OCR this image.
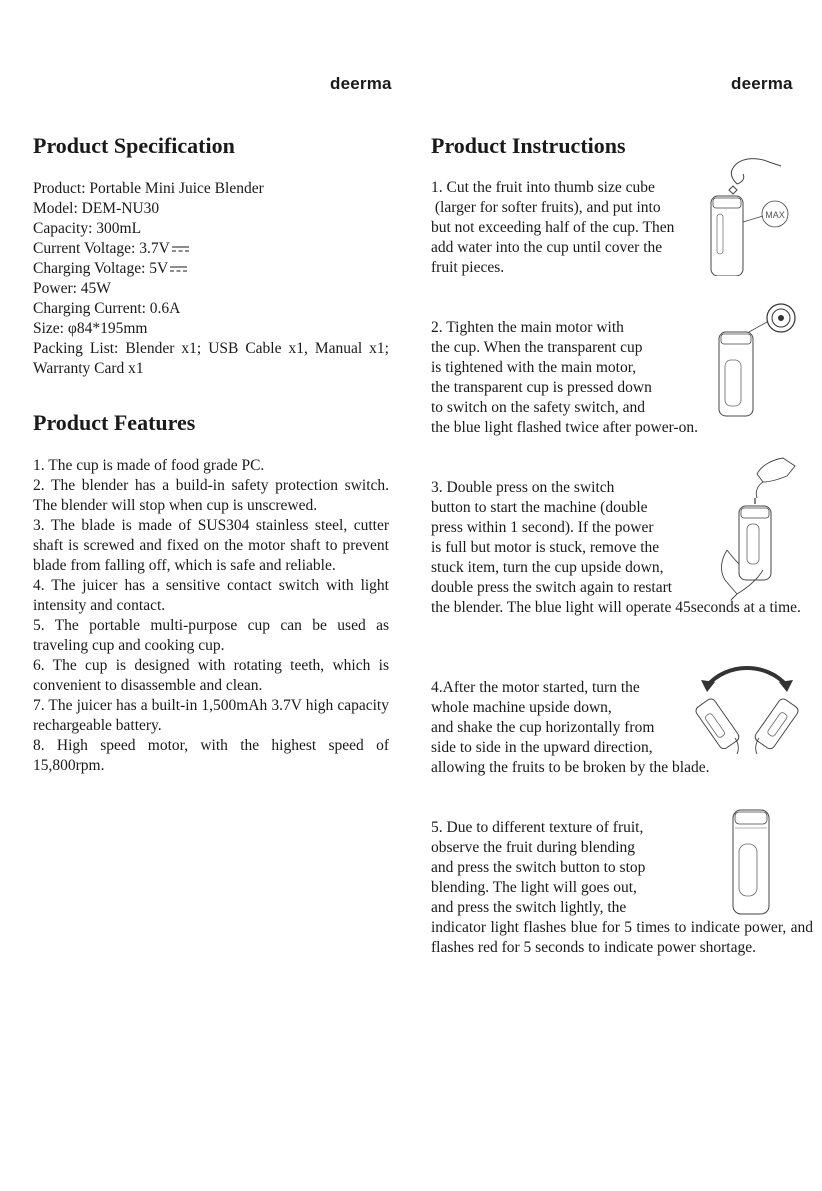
deerma	deerma
Product Specification
Product: Portable Mini Juice Blender
Model: DEM-NU30
Capacity: 300mL
Current Voltage: 3.7V
Charging Voltage: 5V
Power: 45W
Charging Current: 0.6A
Size: φ84*195mm
Packing List: Blender x1; USB Cable x1, Manual x1; Warranty Card x1
Product Features
1. The cup is made of food grade PC.
2. The blender has a build-in safety protection switch. The blender will stop when cup is unscrewed.
3. The blade is made of SUS304 stainless steel, cutter shaft is screwed and fixed on the motor shaft to prevent blade from falling off, which is safe and reliable.
4. The juicer has a sensitive contact switch with light intensity and contact.
5. The portable multi-purpose cup can be used as traveling cup and cooking cup.
6. The cup is designed with rotating teeth, which is convenient to disassemble and clean.
7. The juicer has a built-in 1,500mAh 3.7V high capacity rechargeable battery.
8. High speed motor, with the highest speed of 15,800rpm.
Product Instructions
1. Cut the fruit into thumb size cube
(larger for softer fruits), and put into
but not exceeding half of the cup. Then
add water into the cup until cover the
fruit pieces.
MAX
2. Tighten the main motor with
the cup. When the transparent cup
is tightened with the main motor,
the transparent cup is pressed down
to switch on the safety switch, and
the blue light flashed twice after power-on.
3. Double press on the switch
button to start the machine (double
press within 1 second). If the power
is full but motor is stuck, remove the
stuck item, turn the cup upside down,
double press the switch again to restart
the blender. The blue light will operate 45seconds at a time.
4.After the motor started, turn the
whole machine upside down,
and shake the cup horizontally from
side to side in the upward direction,
allowing the fruits to be broken by the blade.
5. Due to different texture of fruit,
observe the fruit during blending
and press the switch button to stop
blending. The light will goes out,
and press the switch lightly, the
indicator light flashes blue for 5 times to indicate power, and flashes red for 5 seconds to indicate power shortage.
